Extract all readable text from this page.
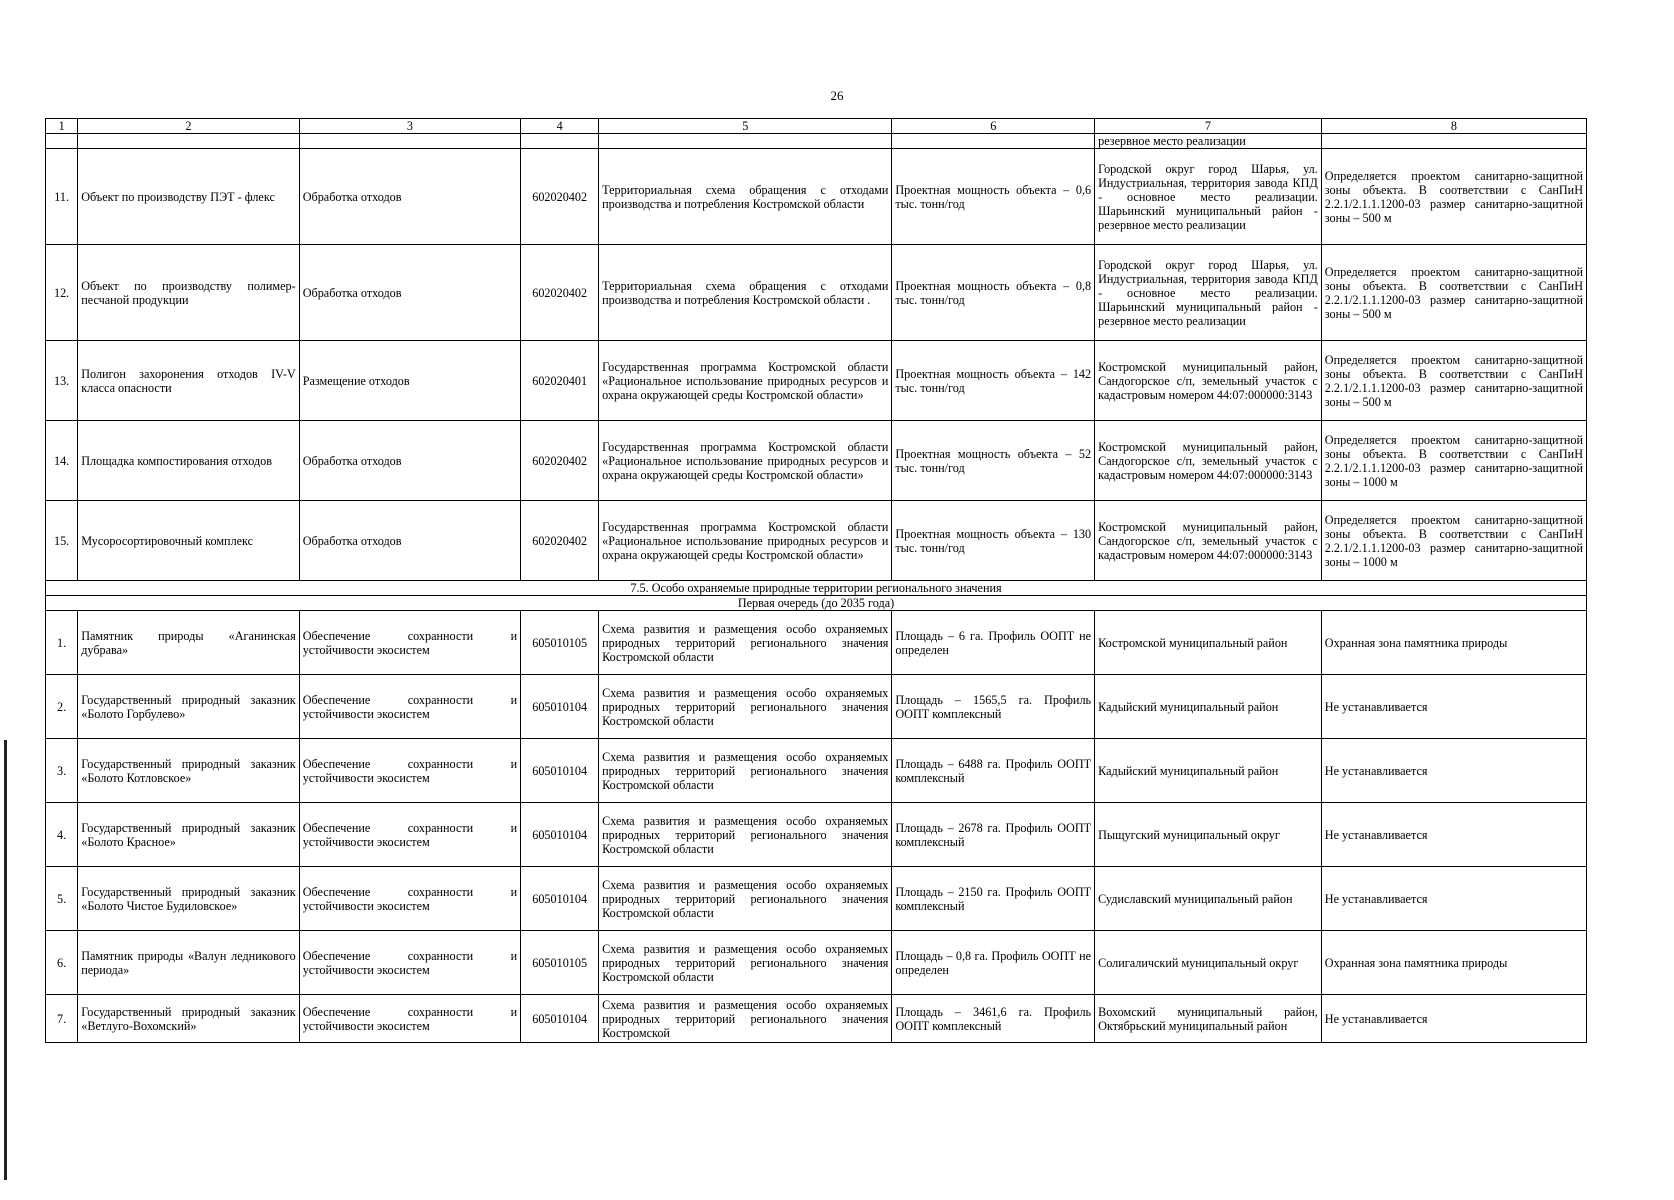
26
1	2	3	4	5	6	7	8
						резервное место реализации	
11.	Объект по производству ПЭТ - флекс	Обработка отходов	602020402	Территориальная схема обращения с отходами производства и потребления Костромской области	Проектная мощность объекта – 0,6 тыс. тонн/год	Городской округ город Шарья, ул. Индустриальная, территория завода КПД - основное место реализации. Шарьинский муниципальный район - резервное место реализации	Определяется проектом санитарно-защитной зоны объекта. В соответствии с СанПиН 2.2.1/2.1.1.1200-03 размер санитарно-защитной зоны – 500 м
12.	Объект по производству полимер-песчаной продукции	Обработка отходов	602020402	Территориальная схема обращения с отходами производства и потребления Костромской области .	Проектная мощность объекта – 0,8 тыс. тонн/год	Городской округ город Шарья, ул. Индустриальная, территория завода КПД - основное место реализации. Шарьинский муниципальный район - резервное место реализации	Определяется проектом санитарно-защитной зоны объекта. В соответствии с СанПиН 2.2.1/2.1.1.1200-03 размер санитарно-защитной зоны – 500 м
13.	Полигон захоронения отходов IV-V класса опасности	Размещение отходов	602020401	Государственная программа Костромской области «Рациональное использование природных ресурсов и охрана окружающей среды Костромской области»	Проектная мощность объекта – 142 тыс. тонн/год	Костромской муниципальный район, Сандогорское с/п, земельный участок с кадастровым номером 44:07:000000:3143	Определяется проектом санитарно-защитной зоны объекта. В соответствии с СанПиН 2.2.1/2.1.1.1200-03 размер санитарно-защитной зоны – 500 м
14.	Площадка компостирования отходов	Обработка отходов	602020402	Государственная программа Костромской области «Рациональное использование природных ресурсов и охрана окружающей среды Костромской области»	Проектная мощность объекта – 52 тыс. тонн/год	Костромской муниципальный район, Сандогорское с/п, земельный участок с кадастровым номером 44:07:000000:3143	Определяется проектом санитарно-защитной зоны объекта. В соответствии с СанПиН 2.2.1/2.1.1.1200-03 размер санитарно-защитной зоны – 1000 м
15.	Мусоросортировочный комплекс	Обработка отходов	602020402	Государственная программа Костромской области «Рациональное использование природных ресурсов и охрана окружающей среды Костромской области»	Проектная мощность объекта – 130 тыс. тонн/год	Костромской муниципальный район, Сандогорское с/п, земельный участок с кадастровым номером 44:07:000000:3143	Определяется проектом санитарно-защитной зоны объекта. В соответствии с СанПиН 2.2.1/2.1.1.1200-03 размер санитарно-защитной зоны – 1000 м
7.5. Особо охраняемые природные территории регионального значения							
Первая очередь (до 2035 года)							
1.	Памятник природы «Аганинская дубрава»	Обеспечение сохранности и устойчивости экосистем	605010105	Схема развития и размещения особо охраняемых природных территорий регионального значения Костромской области	Площадь – 6 га. Профиль ООПТ не определен	Костромской муниципальный район	Охранная зона памятника природы
2.	Государственный природный заказник «Болото Горбулево»	Обеспечение сохранности и устойчивости экосистем	605010104	Схема развития и размещения особо охраняемых природных территорий регионального значения Костромской области	Площадь – 1565,5 га. Профиль ООПТ комплексный	Кадыйский муниципальный район	Не устанавливается
3.	Государственный природный заказник «Болото Котловское»	Обеспечение сохранности и устойчивости экосистем	605010104	Схема развития и размещения особо охраняемых природных территорий регионального значения Костромской области	Площадь – 6488 га. Профиль ООПТ комплексный	Кадыйский муниципальный район	Не устанавливается
4.	Государственный природный заказник «Болото Красное»	Обеспечение сохранности и устойчивости экосистем	605010104	Схема развития и размещения особо охраняемых природных территорий регионального значения Костромской области	Площадь – 2678 га. Профиль ООПТ комплексный	Пыщугский муниципальный округ	Не устанавливается
5.	Государственный природный заказник «Болото Чистое Будиловское»	Обеспечение сохранности и устойчивости экосистем	605010104	Схема развития и размещения особо охраняемых природных территорий регионального значения Костромской области	Площадь – 2150 га. Профиль ООПТ комплексный	Судиславский муниципальный район	Не устанавливается
6.	Памятник природы «Валун ледникового периода»	Обеспечение сохранности и устойчивости экосистем	605010105	Схема развития и размещения особо охраняемых природных территорий регионального значения Костромской области	Площадь – 0,8 га. Профиль ООПТ не определен	Солигаличский муниципальный округ	Охранная зона памятника природы
7.	Государственный природный заказник «Ветлуго-Вохомский»	Обеспечение сохранности и устойчивости экосистем	605010104	Схема развития и размещения особо охраняемых природных территорий регионального значения Костромской	Площадь – 3461,6 га. Профиль ООПТ комплексный	Вохомский муниципальный район, Октябрьский муниципальный район	Не устанавливается
